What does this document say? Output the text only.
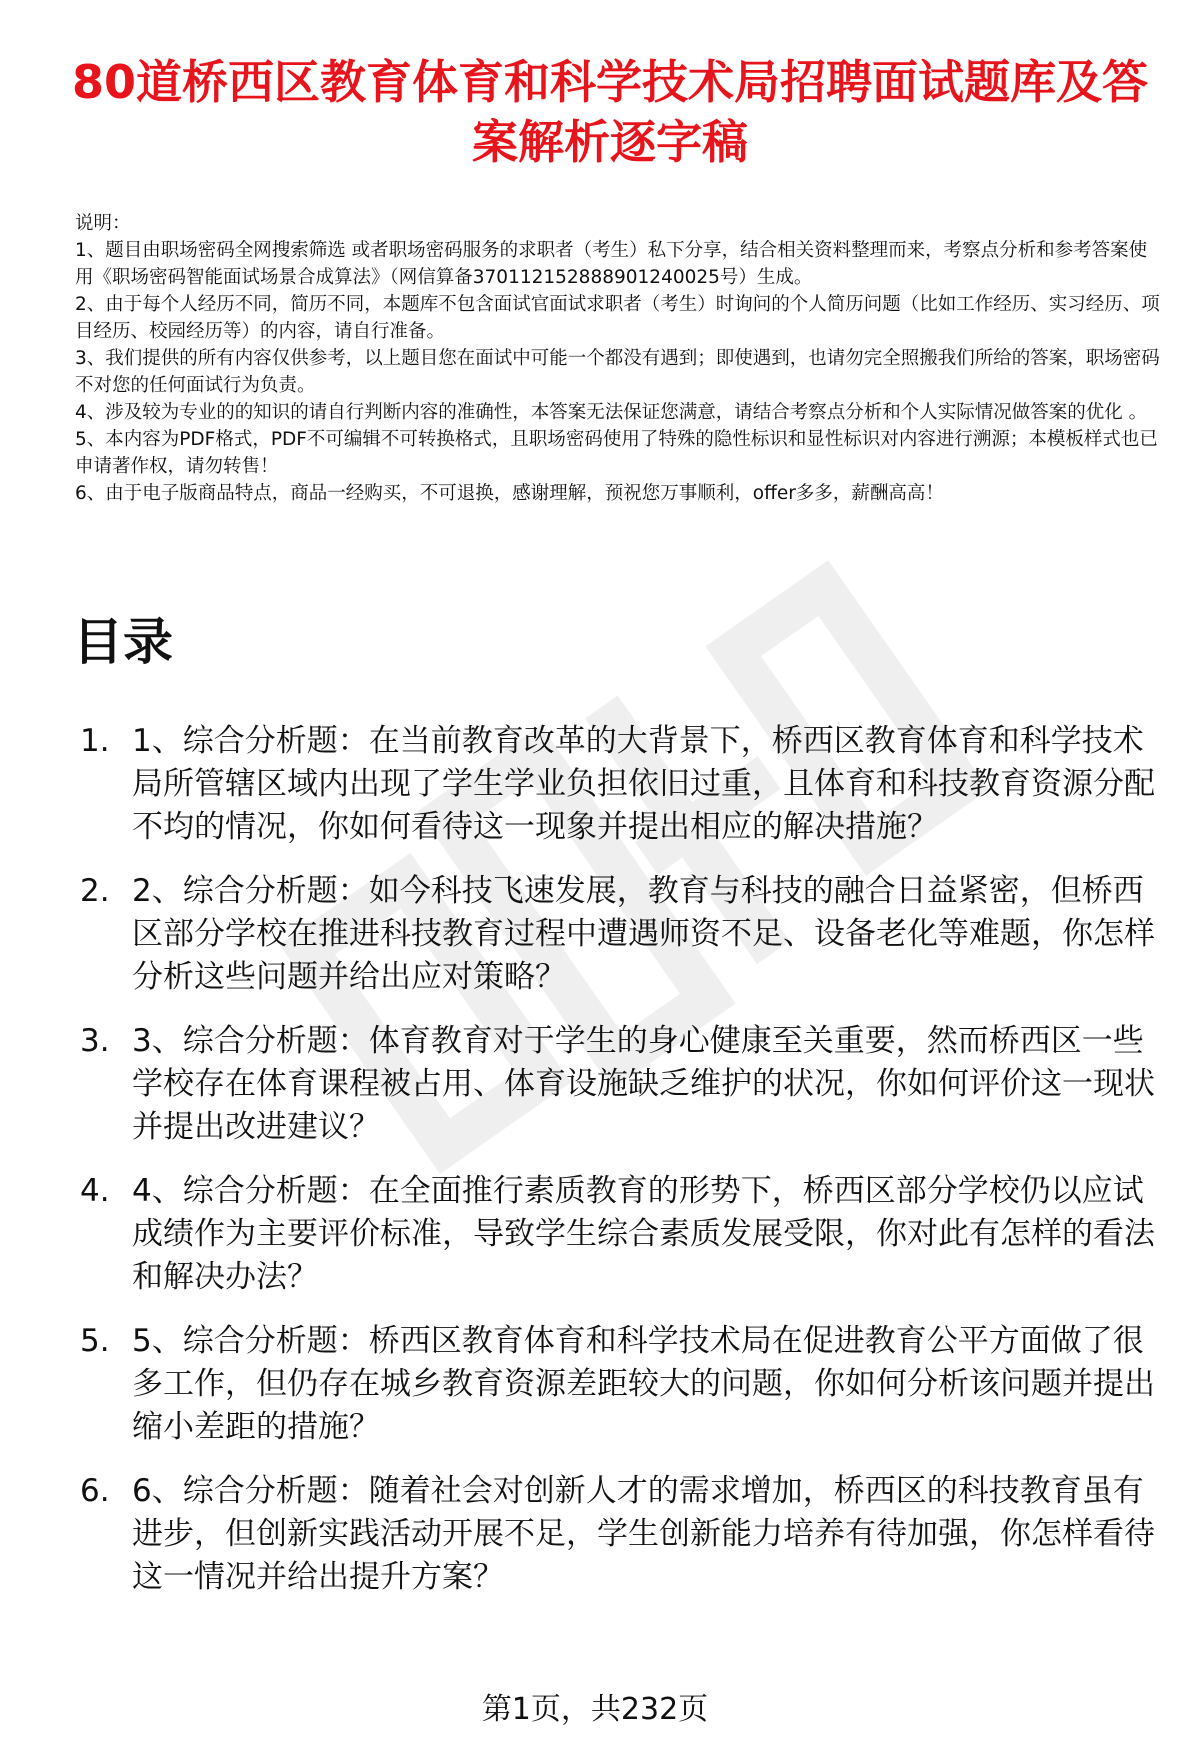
80道桥西区教育体育和科学技术局招聘面试题库及答案解析逐字稿

说明：

1、题目由职场密码全网搜索筛选 或者职场密码服务的求职者（考生）私下分享，结合相关资料整理而来，考察点分析和参考答案使用《职场密码智能面试场景合成算法》（网信算备370112152888901240025号）生成。

2、由于每个人经历不同，简历不同，本题库不包含面试官面试求职者（考生）时询问的个人简历问题（比如工作经历、实习经历、项目经历、校园经历等）的内容，请自行准备。

3、我们提供的所有内容仅供参考，以上题目您在面试中可能一个都没有遇到；即使遇到，也请勿完全照搬我们所给的答案，职场密码不对您的任何面试行为负责。

4、涉及较为专业的的知识的请自行判断内容的准确性，本答案无法保证您满意，请结合考察点分析和个人实际情况做答案的优化 。

5、本内容为PDF格式，PDF不可编辑不可转换格式，且职场密码使用了特殊的隐性标识和显性标识对内容进行溯源；本模板样式也已申请著作权，请勿转售！

6、由于电子版商品特点，商品一经购买，不可退换，感谢理解，预祝您万事顺利，offer多多，薪酬高高！

目录
1. 1、综合分析题：在当前教育改革的大背景下，桥西区教育体育和科学技术局所管辖区域内出现了学生学业负担依旧过重，且体育和科技教育资源分配不均的情况，你如何看待这一现象并提出相应的解决措施？
2. 2、综合分析题：如今科技飞速发展，教育与科技的融合日益紧密，但桥西区部分学校在推进科技教育过程中遭遇师资不足、设备老化等难题，你怎样分析这些问题并给出应对策略？
3. 3、综合分析题：体育教育对于学生的身心健康至关重要，然而桥西区一些学校存在体育课程被占用、体育设施缺乏维护的状况，你如何评价这一现状并提出改进建议？
4. 4、综合分析题：在全面推行素质教育的形势下，桥西区部分学校仍以应试成绩作为主要评价标准，导致学生综合素质发展受限，你对此有怎样的看法和解决办法？
5. 5、综合分析题：桥西区教育体育和科学技术局在促进教育公平方面做了很多工作，但仍存在城乡教育资源差距较大的问题，你如何分析该问题并提出缩小差距的措施？
6. 6、综合分析题：随着社会对创新人才的需求增加，桥西区的科技教育虽有进步，但创新实践活动开展不足，学生创新能力培养有待加强，你怎样看待这一情况并给出提升方案？
第1页，共232页
